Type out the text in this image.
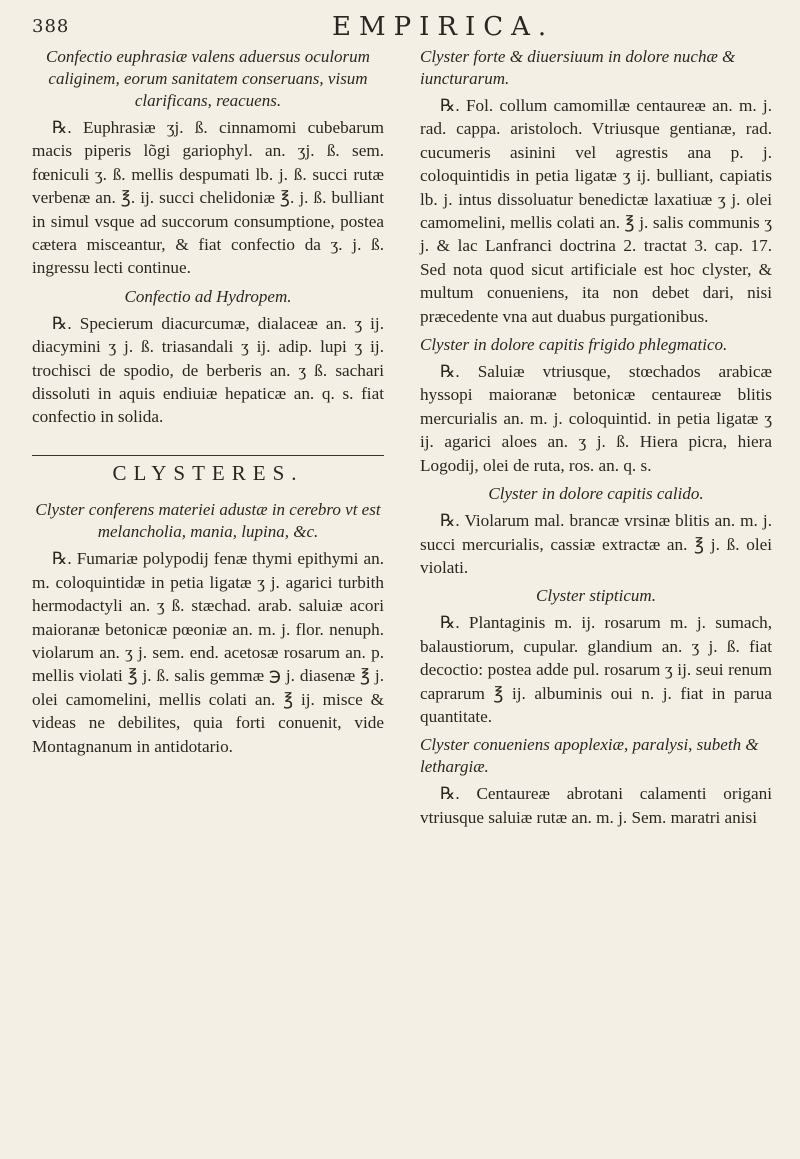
388	EMPIRICA.

Confectio euphrasiæ valens aduersus oculorum caliginem, eorum sanitatem conseruans, visum clarificans, reacuens.

℞. Euphrasiæ ʒj. ß. cinnamomi cubebarum macis piperis lõgi gariophyl. an. ʒj. ß. sem. fœniculi ʒ. ß. mellis despumati lb. j. ß. succi rutæ verbenæ an. ℥. ij. succi chelidoniæ ℥. j. ß. bulliant in simul vsque ad succorum consumptione, postea cætera misceantur, & fiat confectio da ʒ. j. ß. ingressu lecti continue.

Confectio ad Hydropem.

℞. Specierum diacurcumæ, dialaceæ an. ʒ ij. diacymini ʒ j. ß. triasandali ʒ ij. adip. lupi ʒ ij. trochisci de spodio, de berberis an. ʒ ß. sachari dissoluti in aquis endiuiæ hepaticæ an. q. s. fiat confectio in solida.

CLYSTERES.

Clyster conferens materiei adustæ in cerebro vt est melancholia, mania, lupina, &c.

℞. Fumariæ polypodij fenæ thymi epithymi an. m. coloquintidæ in petia ligatæ ʒ j. agarici turbith hermodactyli an. ʒ ß. stæchad. arab. saluiæ acori maioranæ betonicæ pœoniæ an. m. j. flor. nenuph. violarum an. ʒ j. sem. end. acetosæ rosarum an. p. mellis violati ℥ j. ß. salis gemmæ ℈ j. diasenæ ℥ j. olei camomelini, mellis colati an. ℥ ij. misce & videas ne debilites, quia forti conuenit, vide Montagnanum in antidotario.

Clyster forte & diuersiuum in dolore nuchæ & iuncturarum.

℞. Fol. collum camomillæ centaureæ an. m. j. rad. cappa. aristoloch. Vtriusque gentianæ, rad. cucumeris asinini vel agrestis ana p. j. coloquintidis in petia ligatæ ʒ ij. bulliant, capiatis lb. j. intus dissoluatur benedictæ laxatiuæ ʒ j. olei camomelini, mellis colati an. ℥ j. salis communis ʒ j. & lac Lanfranci doctrina 2. tractat 3. cap. 17. Sed nota quod sicut artificiale est hoc clyster, & multum conueniens, ita non debet dari, nisi præcedente vna aut duabus purgationibus.

Clyster in dolore capitis frigido phlegmatico.

℞. Saluiæ vtriusque, stœchados arabicæ hyssopi maioranæ betonicæ centaureæ blitis mercurialis an. m. j. coloquintid. in petia ligatæ ʒ ij. agarici aloes an. ʒ j. ß. Hiera picra, hiera Logodij, olei de ruta, ros. an. q. s.

Clyster in dolore capitis calido.

℞. Violarum mal. brancæ vrsinæ blitis an. m. j. succi mercurialis, cassiæ extractæ an. ℥ j. ß. olei violati.

Clyster stipticum.

℞. Plantaginis m. ij. rosarum m. j. sumach, balaustiorum, cupular. glandium an. ʒ j. ß. fiat decoctio: postea adde pul. rosarum ʒ ij. seui renum caprarum ℥ ij. albuminis oui n. j. fiat in parua quantitate.

Clyster conueniens apoplexiæ, paralysi, subeth & lethargiæ.

℞. Centaureæ abrotani calamenti origani vtriusque saluiæ rutæ an. m. j. Sem. maratri anisi
